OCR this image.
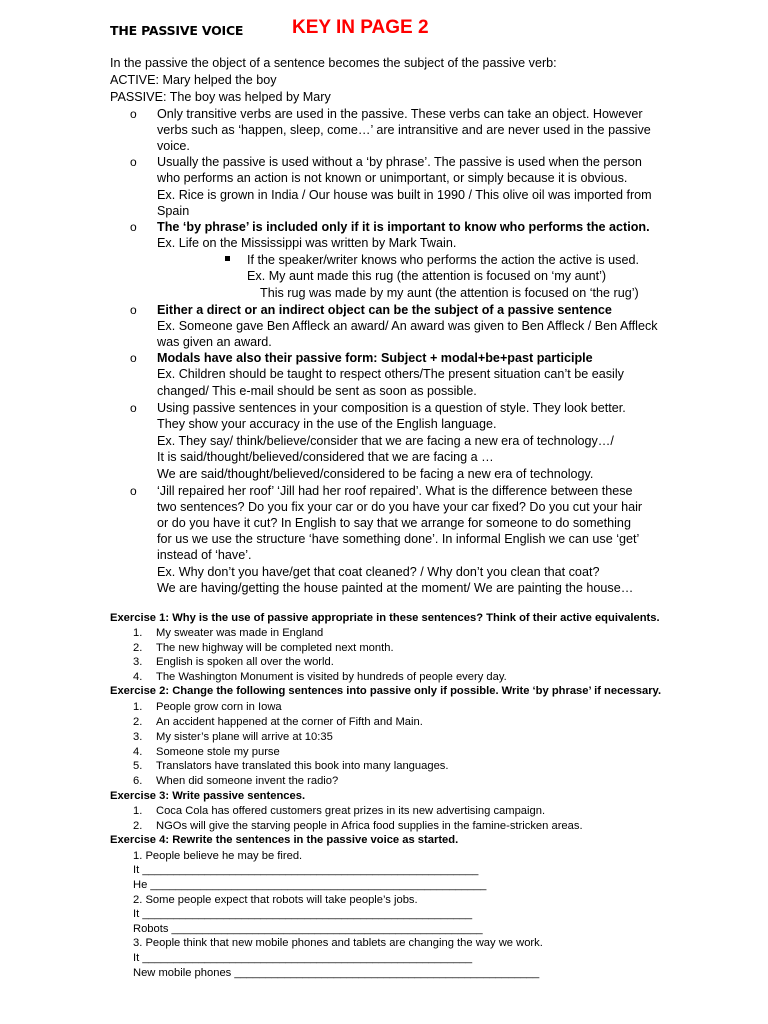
THE PASSIVE VOICE	KEY IN PAGE 2
In the passive the object of a sentence becomes the subject of the passive verb:
ACTIVE: Mary helped the boy
PASSIVE: The boy was helped by Mary
o Only transitive verbs are used in the passive. These verbs can take an object. However
verbs such as ‘happen, sleep, come…’ are intransitive and are never used in the passive
voice.
o Usually the passive is used without a ‘by phrase’. The passive is used when the person
who performs an action is not known or unimportant, or simply because it is obvious.
Ex. Rice is grown in India / Our house was built in 1990 / This olive oil was imported from
Spain
o The ‘by phrase’ is included only if it is important to know who performs the action.
Ex. Life on the Mississippi was written by Mark Twain.
If the speaker/writer knows who performs the action the active is used.
Ex. My aunt made this rug (the attention is focused on ‘my aunt’)
This rug was made by my aunt (the attention is focused on ‘the rug’)
o Either a direct or an indirect object can be the subject of a passive sentence
Ex. Someone gave Ben Affleck an award/ An award was given to Ben Affleck / Ben Affleck
was given an award.
o Modals have also their passive form: Subject + modal+be+past participle
Ex. Children should be taught to respect others/The present situation can’t be easily
changed/ This e-mail should be sent as soon as possible.
o Using passive sentences in your composition is a question of style. They look better.
They show your accuracy in the use of the English language.
Ex. They say/ think/believe/consider that we are facing a new era of technology…/
It is said/thought/believed/considered that we are facing a …
We are said/thought/believed/considered to be facing a new era of technology.
o ‘Jill repaired her roof’ ‘Jill had her roof repaired’. What is the difference between these
two sentences? Do you fix your car or do you have your car fixed? Do you cut your hair
or do you have it cut? In English to say that we arrange for someone to do something
for us we use the structure ‘have something done’. In informal English we can use ‘get’
instead of ‘have’.
Ex. Why don’t you have/get that coat cleaned? / Why don’t you clean that coat?
We are having/getting the house painted at the moment/ We are painting the house…
Exercise 1: Why is the use of passive appropriate in these sentences? Think of their active equivalents.
1. My sweater was made in England
2. The new highway will be completed next month.
3. English is spoken all over the world.
4. The Washington Monument is visited by hundreds of people every day.
Exercise 2: Change the following sentences into passive only if possible. Write ‘by phrase’ if necessary.
1. People grow corn in Iowa
2. An accident happened at the corner of Fifth and Main.
3. My sister’s plane will arrive at 10:35
4. Someone stole my purse
5. Translators have translated this book into many languages.
6. When did someone invent the radio?
Exercise 3: Write passive sentences.
1. Coca Cola has offered customers great prizes in its new advertising campaign.
2. NGOs will give the starving people in Africa food supplies in the famine-stricken areas.
Exercise 4: Rewrite the sentences in the passive voice as started.
1. People believe he may be fired.
It ______________________________________________________
He ______________________________________________________
2. Some people expect that robots will take people’s jobs.
It _____________________________________________________
Robots __________________________________________________
3. People think that new mobile phones and tablets are changing the way we work.
It _____________________________________________________
New mobile phones _________________________________________________
